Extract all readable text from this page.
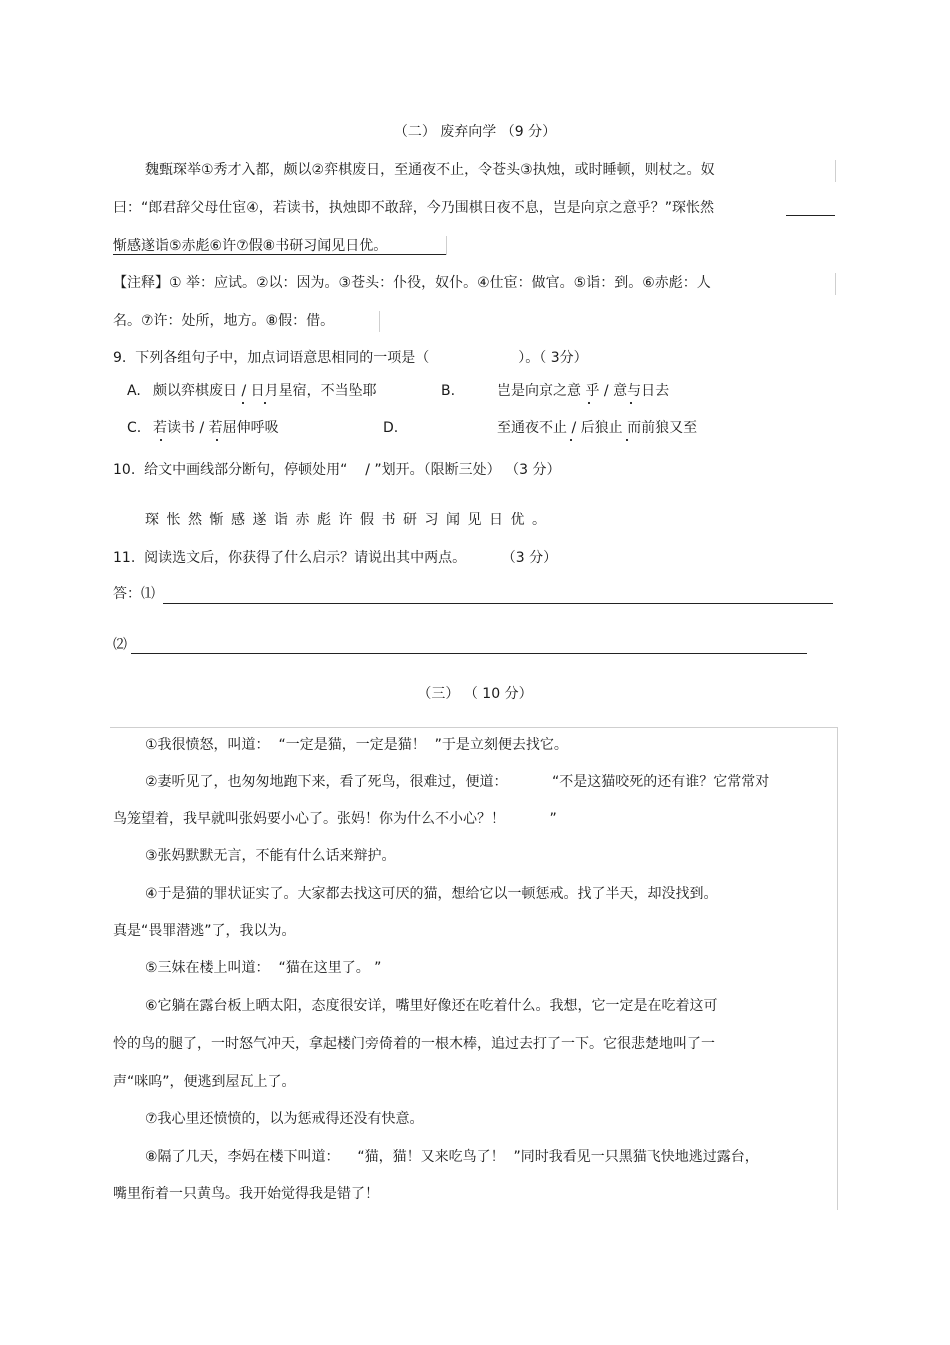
（二） 废弃向学 （9 分）
魏甄琛举①秀才入都，颇以②弈棋废日，至通夜不止，令苍头③执烛，或时睡顿，则杖之。奴
曰：“郎君辞父母仕宦④，若读书，执烛即不敢辞，今乃围棋日夜不息，岂是向京之意乎？”琛怅然
惭感遂诣⑤赤彪⑥许⑦假⑧书研习闻见日优。
【注释】① 举：应试。②以：因为。③苍头：仆役，奴仆。④仕宦：做官。⑤诣：到。⑥赤彪：人
名。⑦许：处所，地方。⑧假：借。
9.  下列各组句子中，加点词语意思相同的一项是（                    ）。（ 3分）
A. 颇以弈棋废日 / 日月星宿，不当坠耶	B.	岂是向京之意 乎 / 意与日去
C. 若读书 / 若屈伸呼吸	D.	至通夜不止 / 后狼止 而前狼又至
10.  给文中画线部分断句，停顿处用“    / ”划开。（限断三处） （3 分）
琛怅然惭感遂诣赤彪许假书研习闻见日优。
11.  阅读选文后，你获得了什么启示？请说出其中两点。        （3 分）
答：⑴
⑵
（三） （ 10 分）
①我很愤怒，叫道：  “一定是猫，一定是猫！  ”于是立刻便去找它。
②妻听见了，也匆匆地跑下来，看了死鸟，很难过，便道：          “不是这猫咬死的还有谁？它常常对
鸟笼望着，我早就叫张妈要小心了。张妈！你为什么不小心？！          ”
③张妈默默无言，不能有什么话来辩护。
④于是猫的罪状证实了。大家都去找这可厌的猫，想给它以一顿惩戒。找了半天，却没找到。
真是“畏罪潜逃”了，我以为。
⑤三妹在楼上叫道：  “猫在这里了。 ”
⑥它躺在露台板上晒太阳，态度很安详，嘴里好像还在吃着什么。我想，它一定是在吃着这可
怜的鸟的腿了，一时怒气冲天，拿起楼门旁倚着的一根木棒，追过去打了一下。它很悲楚地叫了一
声“咪呜”，便逃到屋瓦上了。
⑦我心里还愤愤的，以为惩戒得还没有快意。
⑧隔了几天，李妈在楼下叫道：    “猫，猫！又来吃鸟了！  ”同时我看见一只黑猫飞快地逃过露台，
嘴里衔着一只黄鸟。我开始觉得我是错了！
